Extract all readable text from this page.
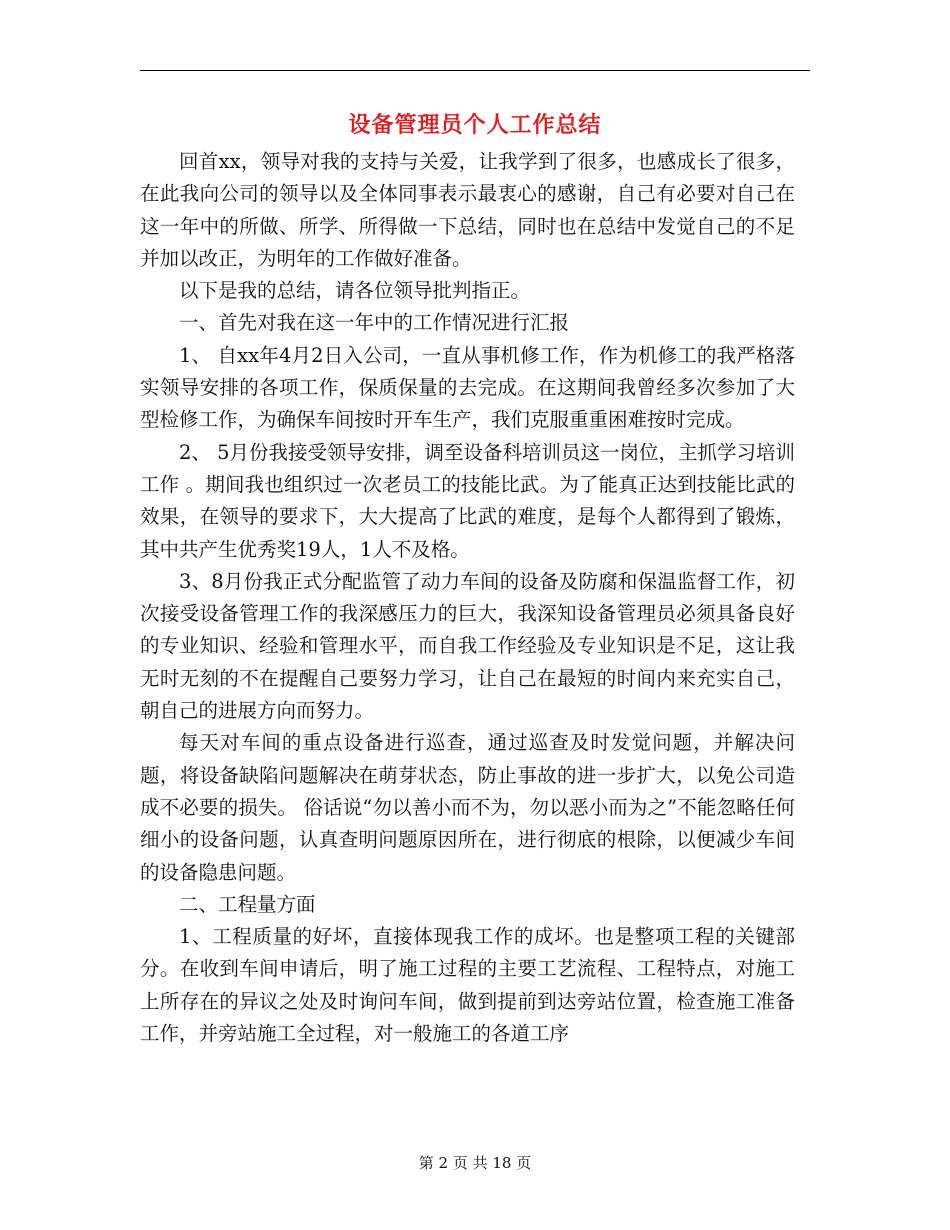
设备管理员个人工作总结

回首xx，领导对我的支持与关爱，让我学到了很多，也感成长了很多，在此我向公司的领导以及全体同事表示最衷心的感谢，自己有必要对自己在这一年中的所做、所学、所得做一下总结，同时也在总结中发觉自己的不足并加以改正，为明年的工作做好准备。

以下是我的总结，请各位领导批判指正。

一、首先对我在这一年中的工作情况进行汇报

1、 自xx年4月2日入公司，一直从事机修工作，作为机修工的我严格落实领导安排的各项工作，保质保量的去完成。在这期间我曾经多次参加了大型检修工作，为确保车间按时开车生产，我们克服重重困难按时完成。

2、 5月份我接受领导安排，调至设备科培训员这一岗位，主抓学习培训工作 。期间我也组织过一次老员工的技能比武。为了能真正达到技能比武的效果，在领导的要求下，大大提高了比武的难度，是每个人都得到了锻炼，其中共产生优秀奖19人，1人不及格。

3、8月份我正式分配监管了动力车间的设备及防腐和保温监督工作，初次接受设备管理工作的我深感压力的巨大，我深知设备管理员必须具备良好的专业知识、经验和管理水平，而自我工作经验及专业知识是不足，这让我无时无刻的不在提醒自己要努力学习，让自己在最短的时间内来充实自己，朝自己的进展方向而努力。

每天对车间的重点设备进行巡查，通过巡查及时发觉问题，并解决问题，将设备缺陷问题解决在萌芽状态，防止事故的进一步扩大，以免公司造成不必要的损失。 俗话说“勿以善小而不为，勿以恶小而为之”不能忽略任何细小的设备问题，认真查明问题原因所在，进行彻底的根除，以便减少车间的设备隐患问题。

二、工程量方面

1、工程质量的好坏，直接体现我工作的成坏。也是整项工程的关键部分。在收到车间申请后，明了施工过程的主要工艺流程、工程特点，对施工上所存在的异议之处及时询问车间，做到提前到达旁站位置，检查施工准备工作，并旁站施工全过程，对一般施工的各道工序

第 2 页 共 18 页
